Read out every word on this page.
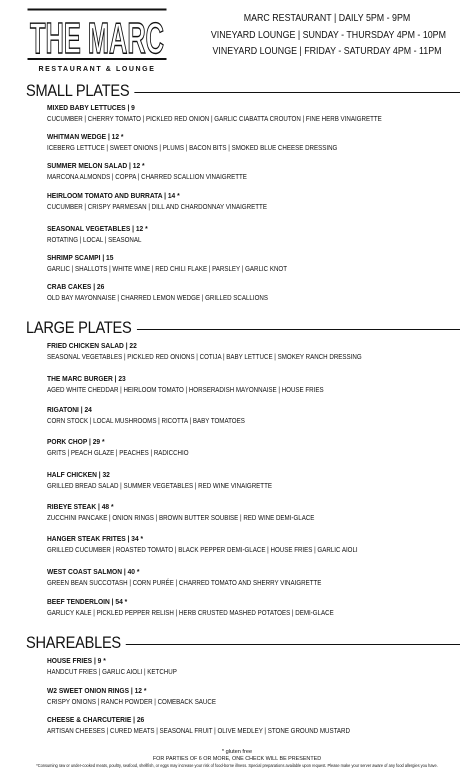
THE MARC
RESTAURANT & LOUNGE
MARC RESTAURANT | DAILY 5PM - 9PM
VINEYARD LOUNGE | SUNDAY - THURSDAY 4PM - 10PM
VINEYARD LOUNGE | FRIDAY - SATURDAY 4PM - 11PM
SMALL PLATES
MIXED BABY LETTUCES | 9
CUCUMBER | CHERRY TOMATO | PICKLED RED ONION | GARLIC CIABATTA CROUTON | FINE HERB VINAIGRETTE
WHITMAN WEDGE | 12 *
ICEBERG LETTUCE | SWEET ONIONS | PLUMS | BACON BITS | SMOKED BLUE CHEESE DRESSING
SUMMER MELON SALAD | 12 *
MARCONA ALMONDS | COPPA | CHARRED SCALLION VINAIGRETTE
HEIRLOOM TOMATO AND BURRATA | 14 *
CUCUMBER | CRISPY PARMESAN | DILL AND CHARDONNAY VINAIGRETTE
SEASONAL VEGETABLES | 12 *
ROTATING | LOCAL | SEASONAL
SHRIMP SCAMPI | 15
GARLIC | SHALLOTS | WHITE WINE | RED CHILI FLAKE | PARSLEY | GARLIC KNOT
CRAB CAKES | 26
OLD BAY MAYONNAISE | CHARRED LEMON WEDGE | GRILLED SCALLIONS
LARGE PLATES
FRIED CHICKEN SALAD | 22
SEASONAL VEGETABLES | PICKLED RED ONIONS | COTIJA | BABY LETTUCE | SMOKEY RANCH DRESSING
THE MARC BURGER | 23
AGED WHITE CHEDDAR | HEIRLOOM TOMATO | HORSERADISH MAYONNAISE | HOUSE FRIES
RIGATONI | 24
CORN STOCK | LOCAL MUSHROOMS | RICOTTA | BABY TOMATOES
PORK CHOP | 29 *
GRITS | PEACH GLAZE | PEACHES | RADICCHIO
HALF CHICKEN | 32
GRILLED BREAD SALAD | SUMMER VEGETABLES | RED WINE VINAIGRETTE
RIBEYE STEAK | 48 *
ZUCCHINI PANCAKE | ONION RINGS | BROWN BUTTER SOUBISE | RED WINE DEMI-GLACE
HANGER STEAK FRITES | 34 *
GRILLED CUCUMBER | ROASTED TOMATO | BLACK PEPPER DEMI-GLACE | HOUSE FRIES | GARLIC AIOLI
WEST COAST SALMON | 40 *
GREEN BEAN SUCCOTASH | CORN PURÉE | CHARRED TOMATO AND SHERRY VINAIGRETTE
BEEF TENDERLOIN | 54 *
GARLICY KALE | PICKLED PEPPER RELISH | HERB CRUSTED MASHED POTATOES | DEMI-GLACE
SHAREABLES
HOUSE FRIES | 9 *
HANDCUT FRIES | GARLIC AIOLI | KETCHUP
W2 SWEET ONION RINGS | 12 *
CRISPY ONIONS | RANCH POWDER | COMEBACK SAUCE
CHEESE & CHARCUTERIE | 26
ARTISAN CHEESES | CURED MEATS | SEASONAL FRUIT | OLIVE MEDLEY | STONE GROUND MUSTARD
* gluten free
FOR PARTIES OF 6 OR MORE, ONE CHECK WILL BE PRESENTED
*Consuming raw or under-cooked meats, poultry, seafood, shellfish, or eggs may increase your risk of food-borne illness. Special preparations available upon request. Please make your server aware of any food allergies you have.
